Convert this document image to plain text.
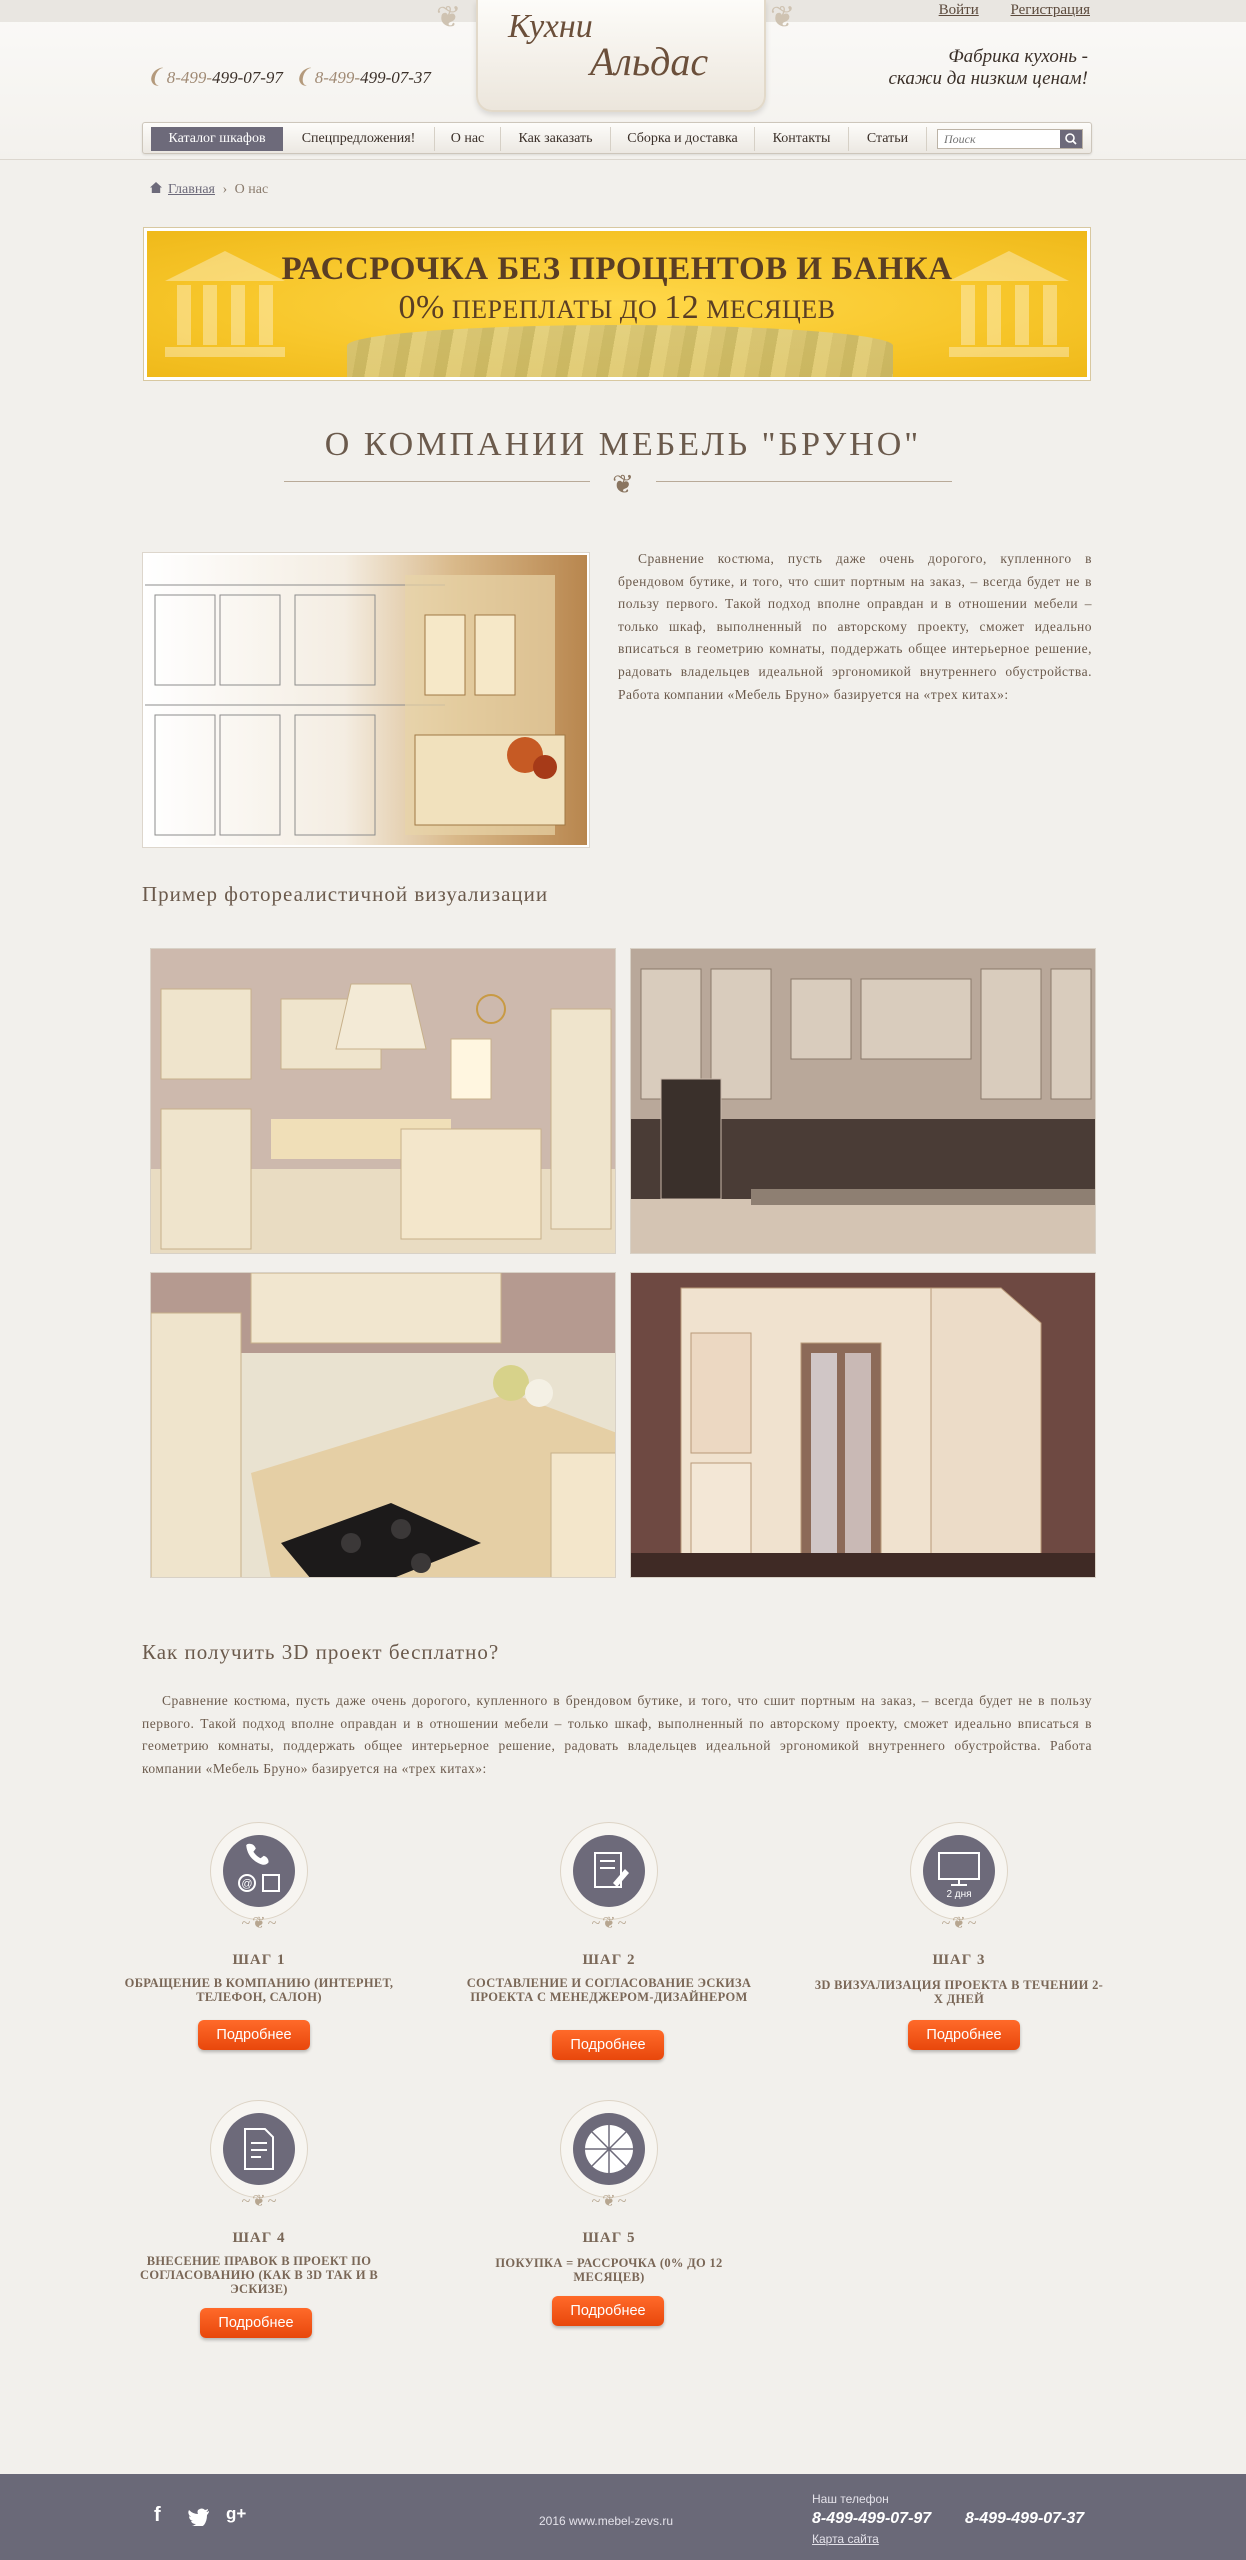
Войти Регистрация
❨ 8-499-499-07-97 ❨ 8-499-499-07-37
❦	❦
Кухни
Альдас	Фабрика кухонь -
скажи да низким ценам!
Каталог шкафов	Спецпредложения!	О нас	Как заказать	Сборка и доставка	Контакты	Статьи
Поиск
Главная › О нас
РАССРОЧКА БЕЗ ПРОЦЕНТОВ И БАНКА
0% ПЕРЕПЛАТЫ ДО 12 МЕСЯЦЕВ
О КОМПАНИИ МЕБЕЛЬ "БРУНО"
❦
Сравнение костюма, пусть даже очень дорогого, купленного в брендовом бутике, и того, что сшит портным на заказ, – всегда будет не в пользу первого. Такой подход вполне оправдан и в отношении мебели – только шкаф, выполненный по авторскому проекту, сможет идеально вписаться в геометрию комнаты, поддержать общее интерьерное решение, радовать владельцев идеальной эргономикой внутреннего обустройства. Работа компании «Мебель Бруно» базируется на «трех китах»:
Пример фотореалистичной визуализации
Как получить 3D проект бесплатно?
Сравнение костюма, пусть даже очень дорогого, купленного в брендовом бутике, и того, что сшит портным на заказ, – всегда будет не в пользу первого. Такой подход вполне оправдан и в отношении мебели – только шкаф, выполненный по авторскому проекту, сможет идеально вписаться в геометрию комнаты, поддержать общее интерьерное решение, радовать владельцев идеальной эргономикой внутреннего обустройства. Работа компании «Мебель Бруно» базируется на «трех китах»:
@
~❦~
ШАГ 1
ОБРАЩЕНИЕ В КОМПАНИЮ (ИНТЕРНЕТ, ТЕЛЕФОН, САЛОН)
Подробнее
~❦~
ШАГ 2
СОСТАВЛЕНИЕ И СОГЛАСОВАНИЕ ЭСКИЗА ПРОЕКТА С МЕНЕДЖЕРОМ-ДИЗАЙНЕРОМ
Подробнее
2 дня
~❦~
ШАГ 3
3D ВИЗУАЛИЗАЦИЯ ПРОЕКТА В ТЕЧЕНИИ 2-Х ДНЕЙ
Подробнее
~❦~
ШАГ 4
ВНЕСЕНИЕ ПРАВОК В ПРОЕКТ ПО СОГЛАСОВАНИЮ (КАК В 3D ТАК И В ЭСКИЗЕ)
Подробнее
~❦~
ШАГ 5
ПОКУПКА = РАССРОЧКА (0% ДО 12 МЕСЯЦЕВ)
Подробнее
f	g+	2016 www.mebel-zevs.ru
Наш телефон
8-499-499-07-97 8-499-499-07-37
Карта сайта
